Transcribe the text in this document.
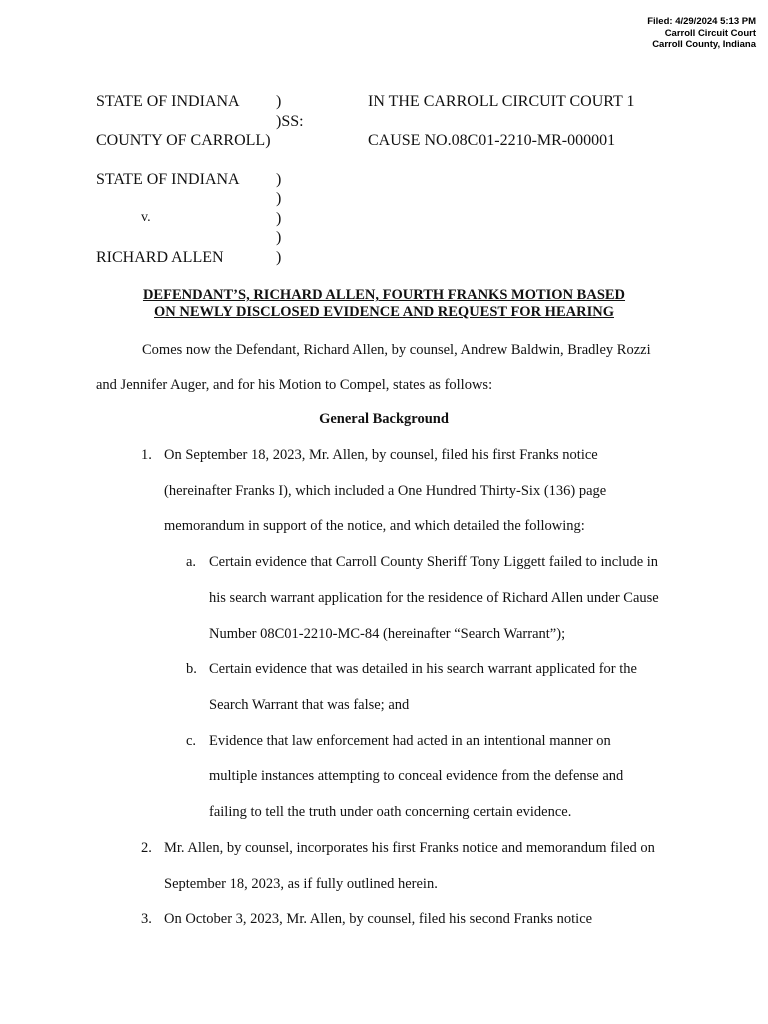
Filed: 4/29/2024 5:13 PM
Carroll Circuit Court
Carroll County, Indiana
STATE OF INDIANA )
)SS:
COUNTY OF CARROLL)
IN THE CARROLL CIRCUIT COURT 1
CAUSE NO.08C01-2210-MR-000001
STATE OF INDIANA )
)
v.	)
)
RICHARD ALLEN	)
DEFENDANT’S, RICHARD ALLEN, FOURTH FRANKS MOTION BASED
ON NEWLY DISCLOSED EVIDENCE AND REQUEST FOR HEARING
Comes now the Defendant, Richard Allen, by counsel, Andrew Baldwin, Bradley Rozzi
and Jennifer Auger, and for his Motion to Compel, states as follows:
General Background
1. On September 18, 2023, Mr. Allen, by counsel, filed his first Franks notice
(hereinafter Franks I), which included a One Hundred Thirty-Six (136) page
memorandum in support of the notice, and which detailed the following:
a. Certain evidence that Carroll County Sheriff Tony Liggett failed to include in
his search warrant application for the residence of Richard Allen under Cause
Number 08C01-2210-MC-84 (hereinafter “Search Warrant”);
b. Certain evidence that was detailed in his search warrant applicated for the
Search Warrant that was false; and
c. Evidence that law enforcement had acted in an intentional manner on
multiple instances attempting to conceal evidence from the defense and
failing to tell the truth under oath concerning certain evidence.
2. Mr. Allen, by counsel, incorporates his first Franks notice and memorandum filed on
September 18, 2023, as if fully outlined herein.
3. On October 3, 2023, Mr. Allen, by counsel, filed his second Franks notice
